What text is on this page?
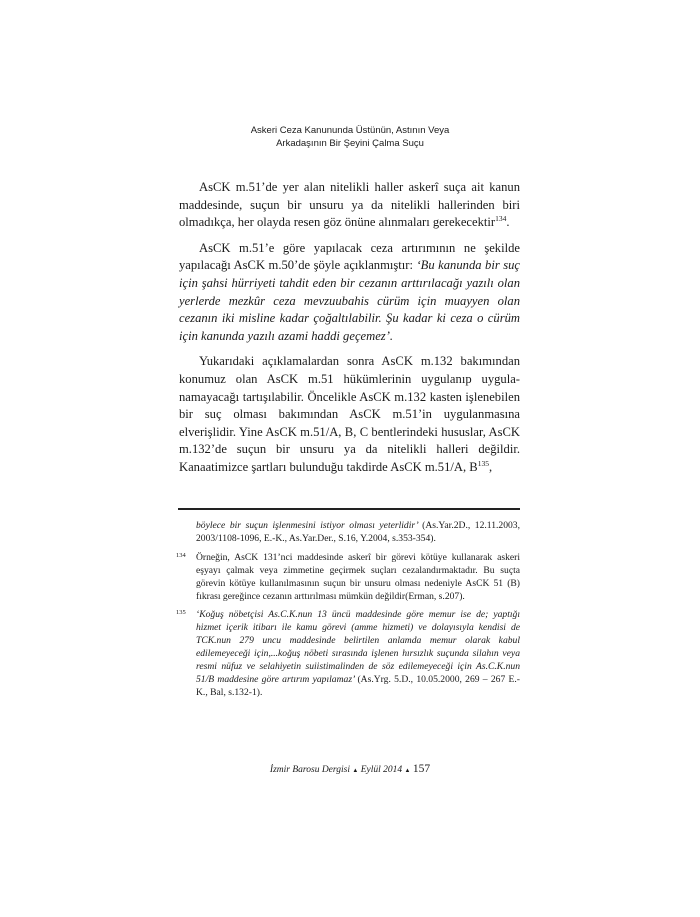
Askeri Ceza Kanununda Üstünün, Astının Veya
Arkadaşının Bir Şeyini Çalma Suçu

AsCK m.51’de yer alan nitelikli haller askerî suça ait kanun maddesinde, suçun bir unsuru ya da nitelikli hallerinden biri olmadıkça, her olayda resen göz önüne alınmaları gerekecektir$^{134}$.

AsCK m.51’e göre yapılacak ceza artırımının ne şekilde yapılacağı AsCK m.50’de şöyle açıklanmıştır: ‘Bu kanunda bir suç için şahsi hürriyeti tahdit eden bir cezanın arttırılacağı yazılı olan yerlerde mezkûr ceza mevzuubahis cürüm için muayyen olan cezanın iki misline kadar çoğaltılabilir. Şu kadar ki ceza o cürüm için kanunda yazılı azami haddi geçemez’.

Yukarıdaki açıklamalardan sonra AsCK m.132 bakımından konumuz olan AsCK m.51 hükümlerinin uygulanıp uygulanamayacağı tartışılabilir. Öncelikle AsCK m.132 kasten işlenebilen bir suç olması bakımından AsCK m.51’in uygulanmasına elverişlidir. Yine AsCK m.51/A, B, C bentlerindeki hususlar, AsCK m.132’de suçun bir unsuru ya da nitelikli halleri değildir. Kanaatimizce şartları bulunduğu takdirde AsCK m.51/A, $B^{135}$,

böylece bir suçun işlenmesini istiyor olması yeterlidir’ (As.Yar.2D., 12.11.2003, 2003/1108-1096, E.-K., As.Yar.Der., S.16, Y.2004, s.353-354).
134 Örneğin, AsCK 131’nci maddesinde askerî bir görevi kötüye kullanarak askeri eşyayı çalmak veya zimmetine geçirmek suçları cezalandırmaktadır. Bu suçta görevin kötüye kullanılmasının suçun bir unsuru olması nedeniyle AsCK 51 (B) fıkrası gereğince cezanın arttırılması mümkün değildir(Erman, s.207).
135 ‘Koğuş nöbetçisi As.C.K.nun 13 üncü maddesinde göre memur ise de; yaptığı hizmet içerik itibarı ile kamu görevi (amme hizmeti) ve dolayısıyla kendisi de TCK.nun 279 uncu maddesinde belirtilen anlamda memur olarak kabul edilemeyeceği için,...koğuş nöbeti sırasında işlenen hırsızlık suçunda silahın veya resmi nüfuz ve selahiyetin suiistimalinden de söz edilemeyeceği için As.C.K.nun 51/B maddesine göre artırım yapılamaz’ (As.Yrg. 5.D., 10.05.2000, 269 – 267 E.-K., Bal, s.132-1).
İzmir Barosu Dergisi ▲ Eylül 2014 ▲ 157
